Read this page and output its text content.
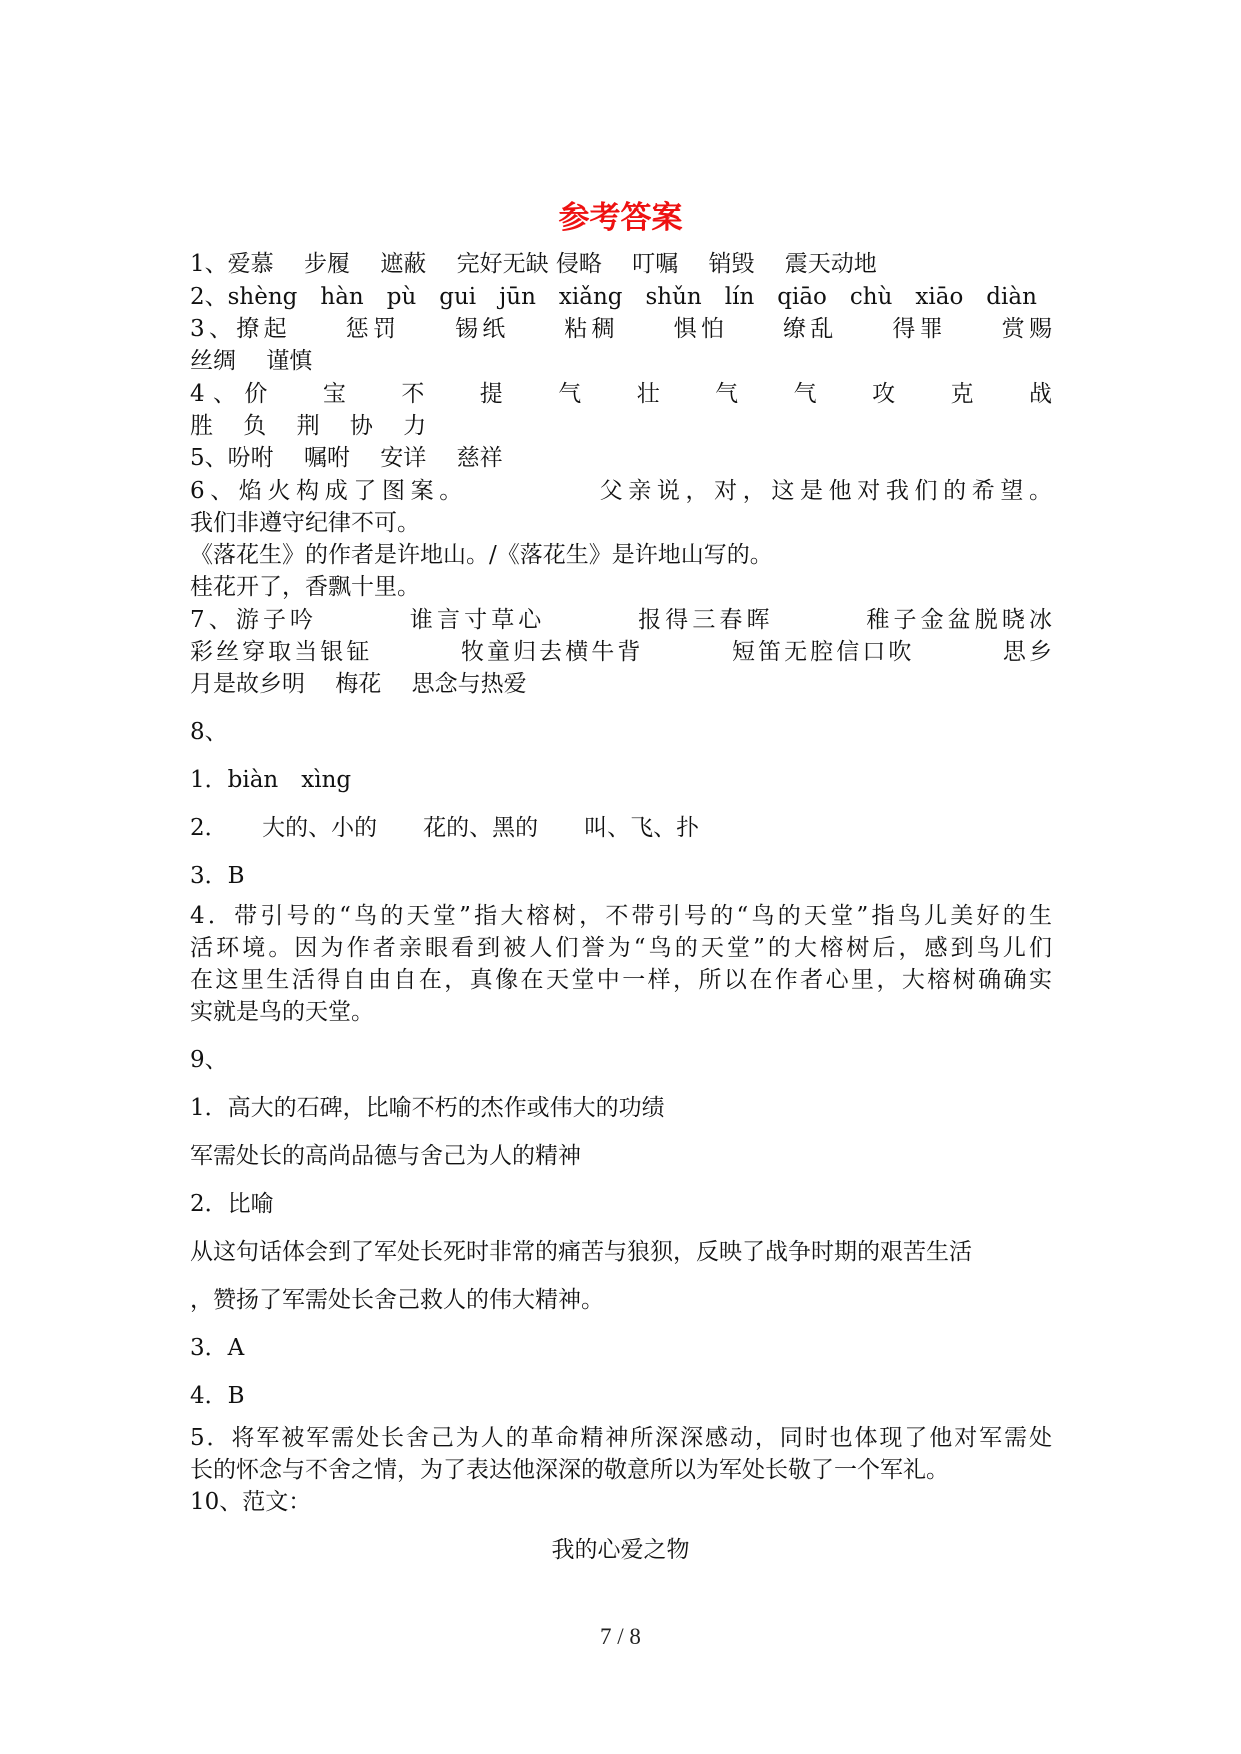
参考答案
1、爱慕　 步履　 遮蔽　 完好无缺 侵略　 叮嘱　 销毁　 震天动地
2、shèng　hàn　pù　gui　jūn　xiǎng　shǔn　lín　qiāo　chù　xiāo　diàn
3、撩起　　惩罚　　锡纸　　粘稠　　惧怕　　缭乱　　得罪　　赏赐
丝绸　 谨慎
4、价　 宝　 不　 提　 气　 壮　 气　 气　 攻　 克　 战
胜　 负　 荆　 协　 力
5、吩咐　 嘱咐　 安详　 慈祥
6、焰火构成了图案。　　　　　父亲说，对，这是他对我们的希望。
我们非遵守纪律不可。
《落花生》的作者是许地山。/《落花生》是许地山写的。
桂花开了，香飘十里。
7、游子吟　　　 谁言寸草心　　　 报得三春晖　　　 稚子金盆脱晓冰
彩丝穿取当银钲　　　 牧童归去横牛背　　　 短笛无腔信口吹　　　 思乡
月是故乡明　 梅花　 思念与热爱
8、
1．biàn　xìng
2．　　大的、小的　　花的、黑的　　叫、飞、扑
3．B
4．带引号的“鸟的天堂”指大榕树，不带引号的“鸟的天堂”指鸟儿美好的生
活环境。因为作者亲眼看到被人们誉为“鸟的天堂”的大榕树后，感到鸟儿们
在这里生活得自由自在，真像在天堂中一样，所以在作者心里，大榕树确确实
实就是鸟的天堂。
9、
1．高大的石碑，比喻不朽的杰作或伟大的功绩
军需处长的高尚品德与舍己为人的精神
2．比喻
从这句话体会到了军处长死时非常的痛苦与狼狈，反映了战争时期的艰苦生活
，赞扬了军需处长舍己救人的伟大精神。
3．A
4．B
5．将军被军需处长舍己为人的革命精神所深深感动，同时也体现了他对军需处
长的怀念与不舍之情，为了表达他深深的敬意所以为军处长敬了一个军礼。
10、范文：
我的心爱之物
7 / 8
